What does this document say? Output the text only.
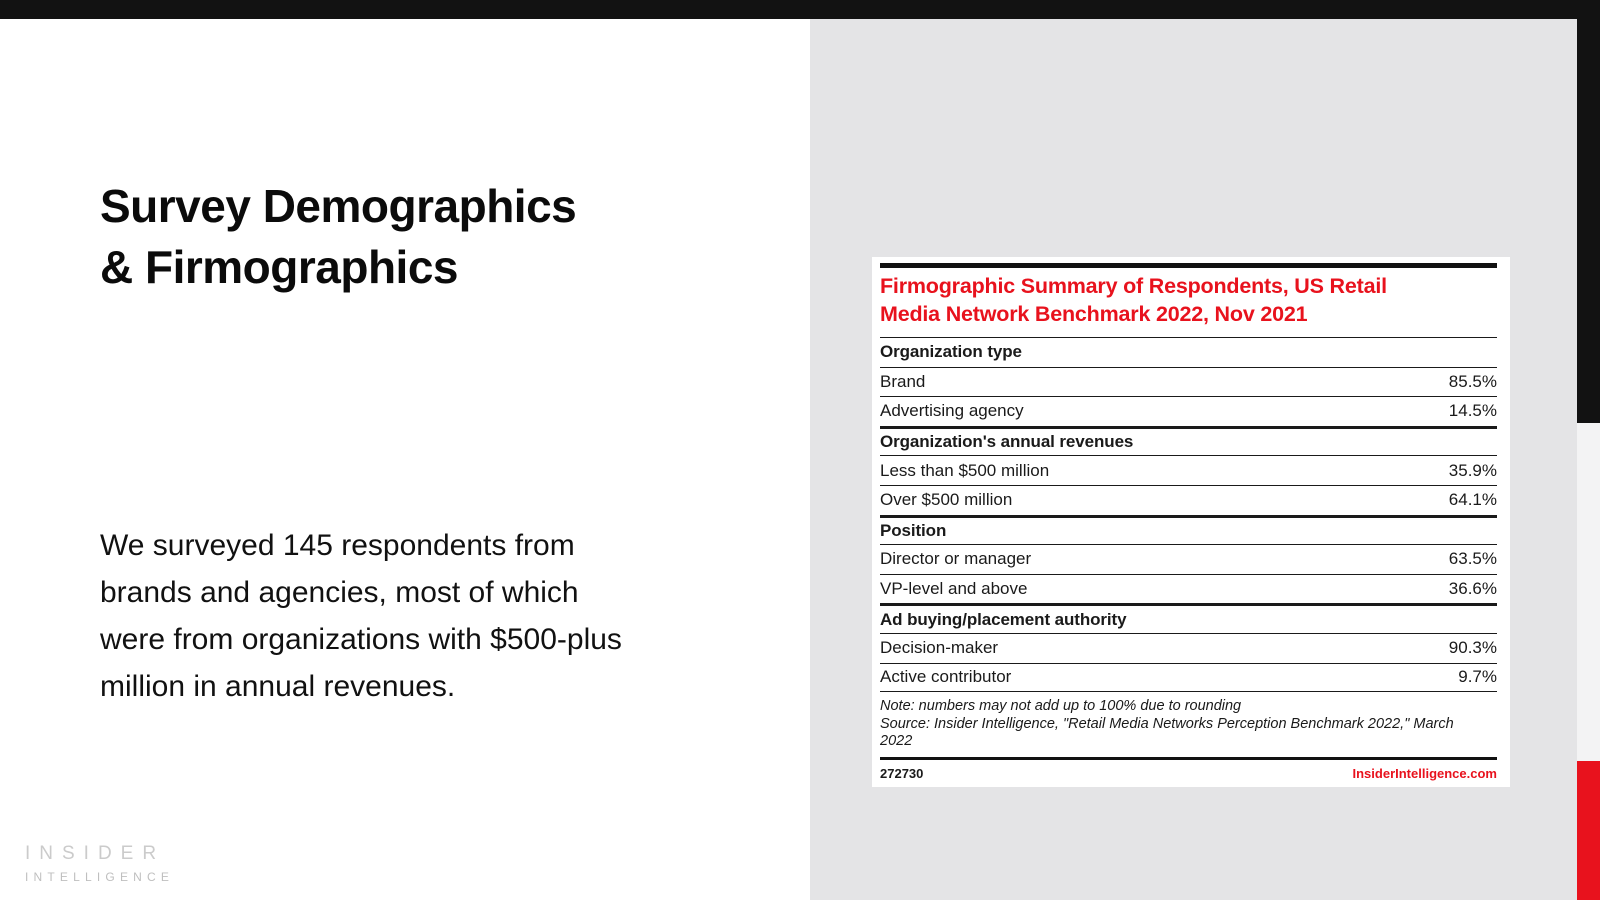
Survey Demographics
& Firmographics
We surveyed 145 respondents from
brands and agencies, most of which
were from organizations with $500-plus
million in annual revenues.
INSIDER
INTELLIGENCE
Firmographic Summary of Respondents, US Retail
Media Network Benchmark 2022, Nov 2021
Organization type
Brand	85.5%
Advertising agency	14.5%
Organization's annual revenues
Less than $500 million	35.9%
Over $500 million	64.1%
Position
Director or manager	63.5%
VP-level and above	36.6%
Ad buying/placement authority
Decision-maker	90.3%
Active contributor	9.7%
Note: numbers may not add up to 100% due to rounding
Source: Insider Intelligence, "Retail Media Networks Perception Benchmark 2022," March
2022
272730	InsiderIntelligence.com
